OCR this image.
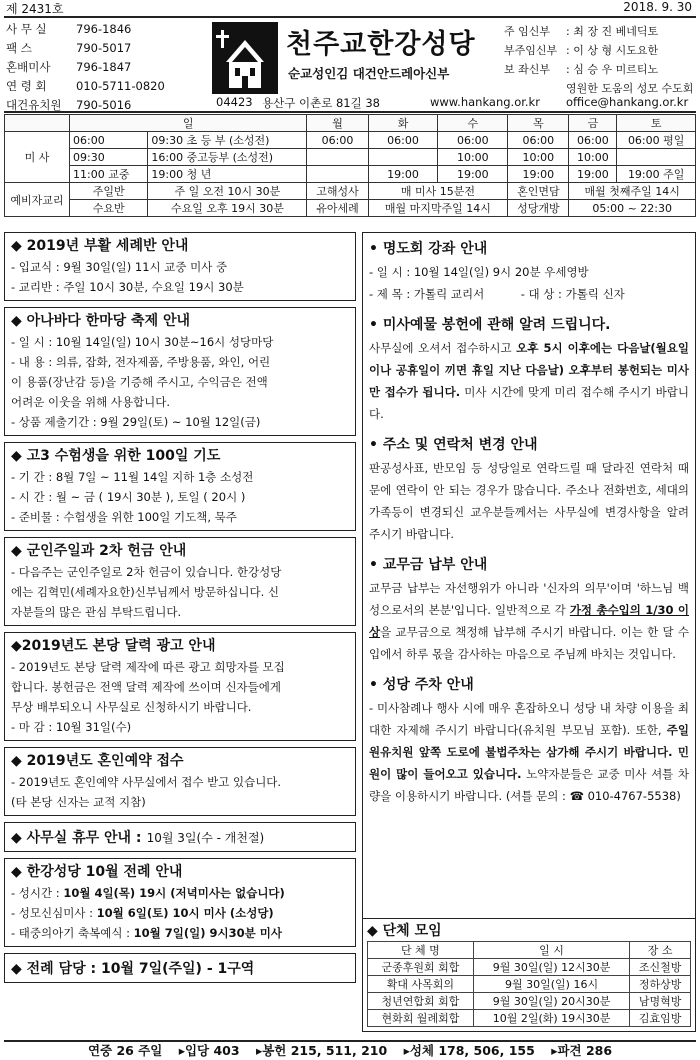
제 2431호	2018. 9. 30
사 무 실	796-1846
팩 스	790-5017
혼배미사	796-1847
연 령 회	010-5711-0820
대건유치원	790-5016
천주교한강성당
순교성인김 대건안드레아신부
주 임신부	: 최 장 진 베네딕토
부주임신부 : 이 상 형 시도요한
보 좌신부	: 심 승 우 미르티노
영원한 도움의 성모 수도회
04423 용산구 이촌로 81길 38	www.hankang.or.kr office@hankang.or.kr
	일		월	화	수	목	금	토
미 사	06:00	09:30 초 등 부 (소성전)	06:00	06:00	06:00	06:00	06:00	06:00 평일
	09:30	16:00 중고등부 (소성전)			10:00	10:00	10:00	
	11:00 교중	19:00 청 년		19:00	19:00	19:00	19:00	19:00 주일
예비자교리	주일반	주 일 오전 10시 30분	고해성사	매 미사 15분전		혼인면담	매월 첫째주일 14시	
	수요반	수요일 오후 19시 30분	유아세례	매월 마지막주일 14시		성당개방	05:00 ~ 22:30	
◆ 2019년 부활 세례반 안내
- 입교식 : 9월 30일(일) 11시 교중 미사 중
- 교리반 : 주일 10시 30분, 수요일 19시 30분
◆ 아나바다 한마당 축제 안내
- 일 시 : 10월 14일(일) 10시 30분~16시 성당마당
- 내 용 : 의류, 잡화, 전자제품, 주방용품, 와인, 어린
이 용품(장난감 등)을 기증해 주시고, 수익금은 전액
어려운 이웃을 위해 사용합니다.
- 상품 제출기간 : 9월 29일(토) ~ 10월 12일(금)
◆ 고3 수험생을 위한 100일 기도
- 기 간 : 8월 7일 ~ 11월 14일 지하 1층 소성전
- 시 간 : 월 ~ 금 ( 19시 30분 ), 토일 ( 20시 )
- 준비물 : 수험생을 위한 100일 기도책, 묵주
◆ 군인주일과 2차 헌금 안내
- 다음주는 군인주일로 2차 헌금이 있습니다. 한강성당
에는 김혁민(세례자요한)신부님께서 방문하십니다. 신
자분들의 많은 관심 부탁드립니다.
◆2019년도 본당 달력 광고 안내
- 2019년도 본당 달력 제작에 따른 광고 희망자를 모집
합니다. 봉헌금은 전액 달력 제작에 쓰이며 신자들에게
무상 배부되오니 사무실로 신청하시기 바랍니다.
- 마 감 : 10월 31일(수)
◆ 2019년도 혼인예약 접수
- 2019년도 혼인예약 사무실에서 접수 받고 있습니다.
(타 본당 신자는 교적 지참)
◆ 사무실 휴무 안내 : 10월 3일(수 - 개천절)
◆ 한강성당 10월 전례 안내
- 성시간 : 10월 4일(목) 19시 (저녁미사는 없습니다)
- 성모신심미사 : 10월 6일(토) 10시 미사 (소성당)
- 태중의아기 축복예식 : 10월 7일(일) 9시30분 미사
◆ 전례 담당 : 10월 7일(주일) - 1구역
• 명도회 강좌 안내
- 일 시 : 10월 14일(일) 9시 20분 우세영방
- 제 목 : 가톨릭 교리서          - 대 상 : 가톨릭 신자
• 미사예물 봉헌에 관해 알려 드립니다.
사무실에 오셔서 접수하시고 오후 5시 이후에는 다음날(월요일이나 공휴일이 끼면 휴일 지난 다음날) 오후부터 봉헌되는 미사만 접수가 됩니다. 미사 시간에 맞게 미리 접수해 주시기 바랍니다.
• 주소 및 연락처 변경 안내
판공성사표, 반모임 등 성당일로 연락드릴 때 달라진 연락처 때문에 연락이 안 되는 경우가 많습니다. 주소나 전화번호, 세대의 가족등이 변경되신 교우분들께서는 사무실에 변경사항을 알려 주시기 바랍니다.
• 교무금 납부 안내
교무금 납부는 자선행위가 아니라 '신자의 의무'이며 '하느님 백성으로서의 본분'입니다. 일반적으로 각 가정 총수입의 1/30 이상을 교무금으로 책정해 납부해 주시기 바랍니다. 이는 한 달 수입에서 하루 몫을 감사하는 마음으로 주님께 바치는 것입니다.
• 성당 주차 안내
- 미사참례나 행사 시에 매우 혼잡하오니 성당 내 차량 이용을 최대한 자제해 주시기 바랍니다(유치원 부모님 포함). 또한, 주일 원유치원 앞쪽 도로에 불법주차는 삼가해 주시기 바랍니다. 민원이 많이 들어오고 있습니다. 노약자분들은 교중 미사 셔틀 차량을 이용하시기 바랍니다. (셔틀 문의 : ☎ 010-4767-5538)
◆ 단체 모임
단 체 명	일 시	장 소
군종후원회 회합	9월 30일(일) 12시30분	조신철방
확대 사목회의	9월 30일(일) 16시	정하상방
청년연합회 회합	9월 30일(일) 20시30분	남명혁방
현화회 월례회합	10월 2일(화) 19시30분	김효임방
연중 26 주일 ▸입당 403 ▸봉헌 215, 511, 210 ▸성체 178, 506, 155 ▸파견 286
